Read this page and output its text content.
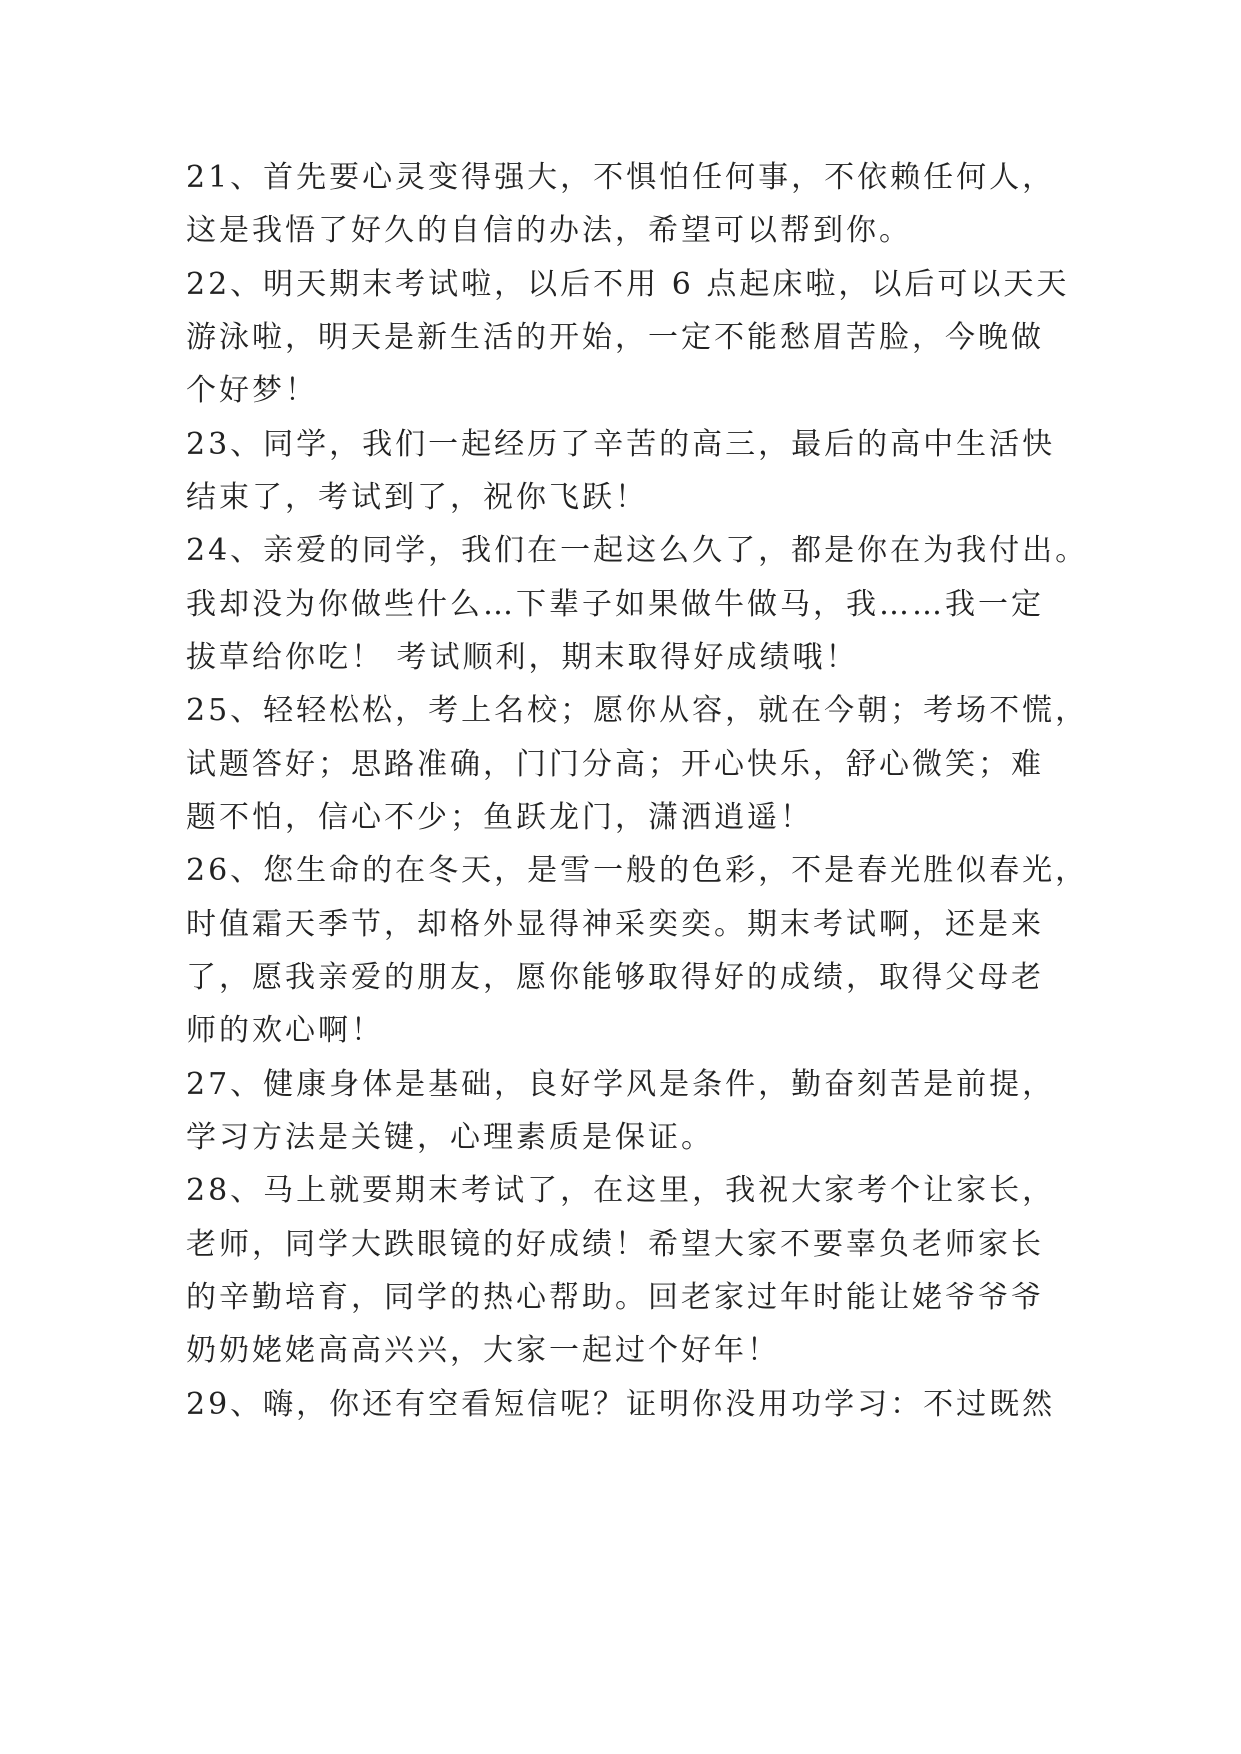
21、首先要心灵变得强大，不惧怕任何事，不依赖任何人，
这是我悟了好久的自信的办法，希望可以帮到你。
22、明天期末考试啦，以后不用 6 点起床啦，以后可以天天
游泳啦，明天是新生活的开始，一定不能愁眉苦脸，今晚做
个好梦！
23、同学，我们一起经历了辛苦的高三，最后的高中生活快
结束了，考试到了，祝你飞跃！
24、亲爱的同学，我们在一起这么久了，都是你在为我付出。
我却没为你做些什么…下辈子如果做牛做马，我……我一定
拔草给你吃！ 考试顺利，期末取得好成绩哦！
25、轻轻松松，考上名校；愿你从容，就在今朝；考场不慌，
试题答好；思路准确，门门分高；开心快乐，舒心微笑；难
题不怕，信心不少；鱼跃龙门，潇洒逍遥！
26、您生命的在冬天，是雪一般的色彩，不是春光胜似春光，
时值霜天季节，却格外显得神采奕奕。期末考试啊，还是来
了，愿我亲爱的朋友，愿你能够取得好的成绩，取得父母老
师的欢心啊！
27、健康身体是基础，良好学风是条件，勤奋刻苦是前提，
学习方法是关键，心理素质是保证。
28、马上就要期末考试了，在这里，我祝大家考个让家长，
老师，同学大跌眼镜的好成绩！希望大家不要辜负老师家长
的辛勤培育，同学的热心帮助。回老家过年时能让姥爷爷爷
奶奶姥姥高高兴兴，大家一起过个好年！
29、嗨，你还有空看短信呢？证明你没用功学习：不过既然
